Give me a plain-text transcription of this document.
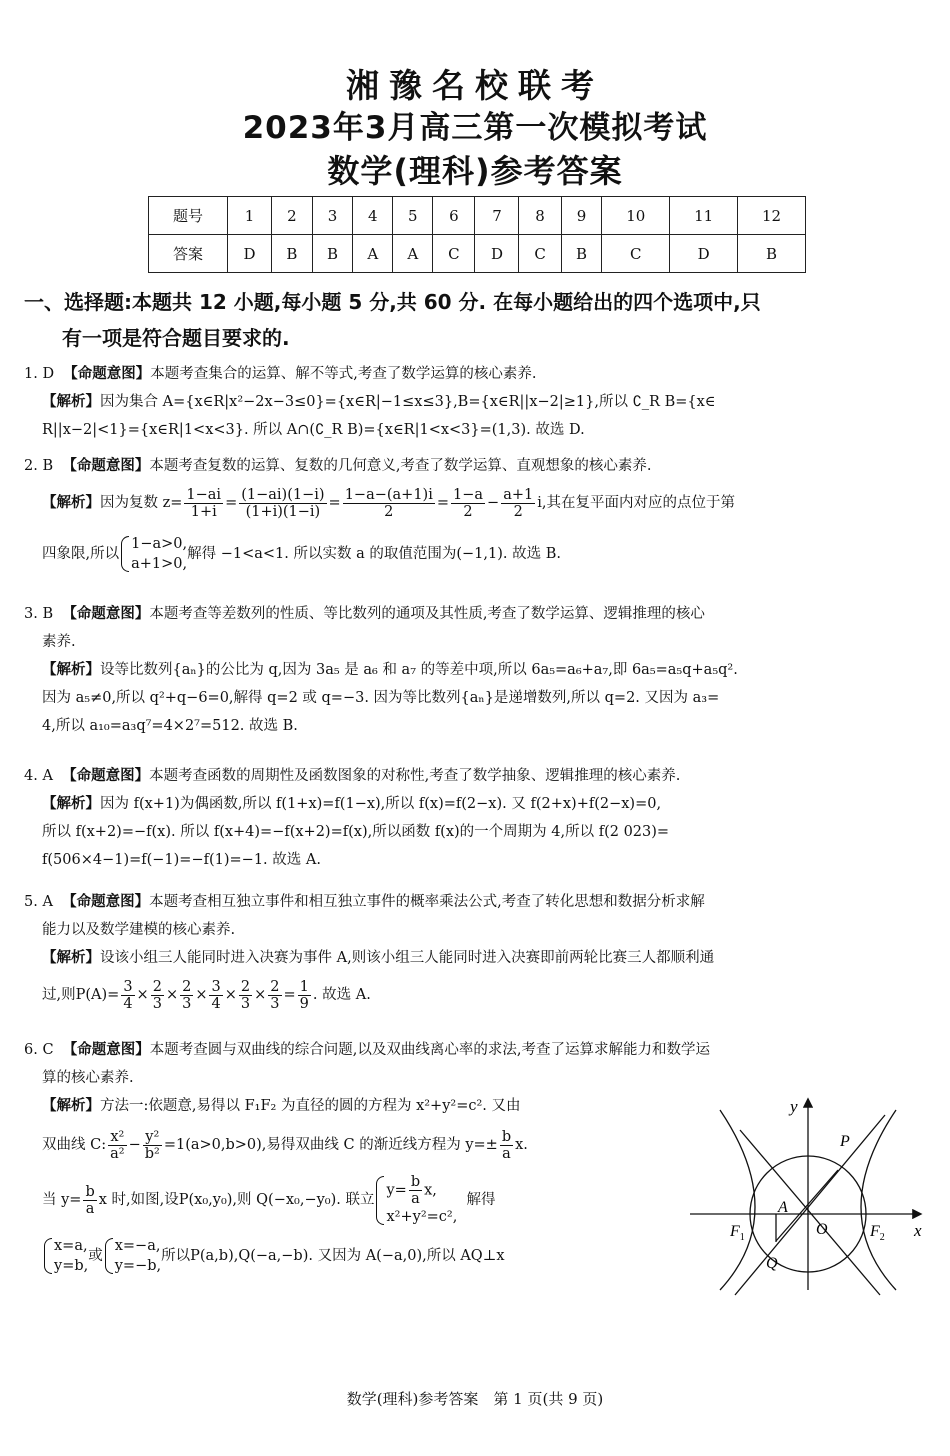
湘豫名校联考
2023年3月高三第一次模拟考试
数学(理科)参考答案
题号	1	2	3	4	5	6	7	8	9	10	11	12
答案	D	B	B	A	A	C	D	C	B	C	D	B
一、选择题:本题共 12 小题,每小题 5 分,共 60 分. 在每小题给出的四个选项中,只
有一项是符合题目要求的.
1. D 【命题意图】本题考查集合的运算、解不等式,考查了数学运算的核心素养.
【解析】因为集合 A={x∈R|x²−2x−3≤0}={x∈R|−1≤x≤3},B={x∈R||x−2|≥1},所以 ∁_R B={x∈
R||x−2|<1}={x∈R|1<x<3}. 所以 A∩(∁_R B)={x∈R|1<x<3}=(1,3). 故选 D.
2. B 【命题意图】本题考查复数的运算、复数的几何意义,考查了数学运算、直观想象的核心素养.
【解析】因为复数 $z= \frac{1-ai}{1+i} = \frac{(1-ai)(1-i)}{(1+i)(1-i)} = \frac{1-a-(a+1)i}{2} = \frac{1-a}{2} - \frac{a+1}{2} i$,其在复平面内对应的点位于第
四象限,所以
1−a>0,
a+1>0,
解得 −1<a<1. 所以实数 a 的取值范围为(−1,1). 故选 B.
3. B 【命题意图】本题考查等差数列的性质、等比数列的通项及其性质,考查了数学运算、逻辑推理的核心
素养.
【解析】设等比数列{aₙ}的公比为 q,因为 3a₅ 是 a₆ 和 a₇ 的等差中项,所以 6a₅=a₆+a₇,即 6a₅=a₅q+a₅q².
因为 a₅≠0,所以 q²+q−6=0,解得 q=2 或 q=−3. 因为等比数列{aₙ}是递增数列,所以 q=2. 又因为 a₃=
4,所以 a₁₀=a₃q⁷=4×2⁷=512. 故选 B.
4. A 【命题意图】本题考查函数的周期性及函数图象的对称性,考查了数学抽象、逻辑推理的核心素养.
【解析】因为 f(x+1)为偶函数,所以 f(1+x)=f(1−x),所以 f(x)=f(2−x). 又 f(2+x)+f(2−x)=0,
所以 f(x+2)=−f(x). 所以 f(x+4)=−f(x+2)=f(x),所以函数 f(x)的一个周期为 4,所以 f(2 023)=
f(506×4−1)=f(−1)=−f(1)=−1. 故选 A.
5. A 【命题意图】本题考查相互独立事件和相互独立事件的概率乘法公式,考查了转化思想和数据分析求解
能力以及数学建模的核心素养.
【解析】设该小组三人能同时进入决赛为事件 A,则该小组三人能同时进入决赛即前两轮比赛三人都顺利通
过,则$P(A)= \frac{3}{4} \times \frac{2}{3} \times \frac{2}{3} \times \frac{3}{4} \times \frac{2}{3} \times \frac{2}{3} = \frac{1}{9}$ . 故选 A.
6. C 【命题意图】本题考查圆与双曲线的综合问题,以及双曲线离心率的求法,考查了运算求解能力和数学运
算的核心素养.
【解析】方法一:依题意,易得以 F₁F₂ 为直径的圆的方程为 x²+y²=c². 又由
双曲线 C: $\frac{\text{x²}}{\text{a²}} - \frac{\text{y²}}{\text{b²}} =1(a>0,b>0)$,易得双曲线 C 的渐近线方程为 $y=\pm \frac{b}{a} x$.
当 $y= \frac{b}{a}$ x 时,如图,设P(x₀,y₀),则 Q(−x₀,−y₀). 联立
$y= \frac{b}{a} x$,
x²+y²=c²,
解得
x=a,
y=b,
或
x=−a,
y=−b,
所以P(a,b),Q(−a,−b). 又因为 A(−a,0),所以 AQ⊥x
y
x
P
Q
A
O
$F_1$	$F_2$
数学(理科)参考答案　第 1 页(共 9 页)
